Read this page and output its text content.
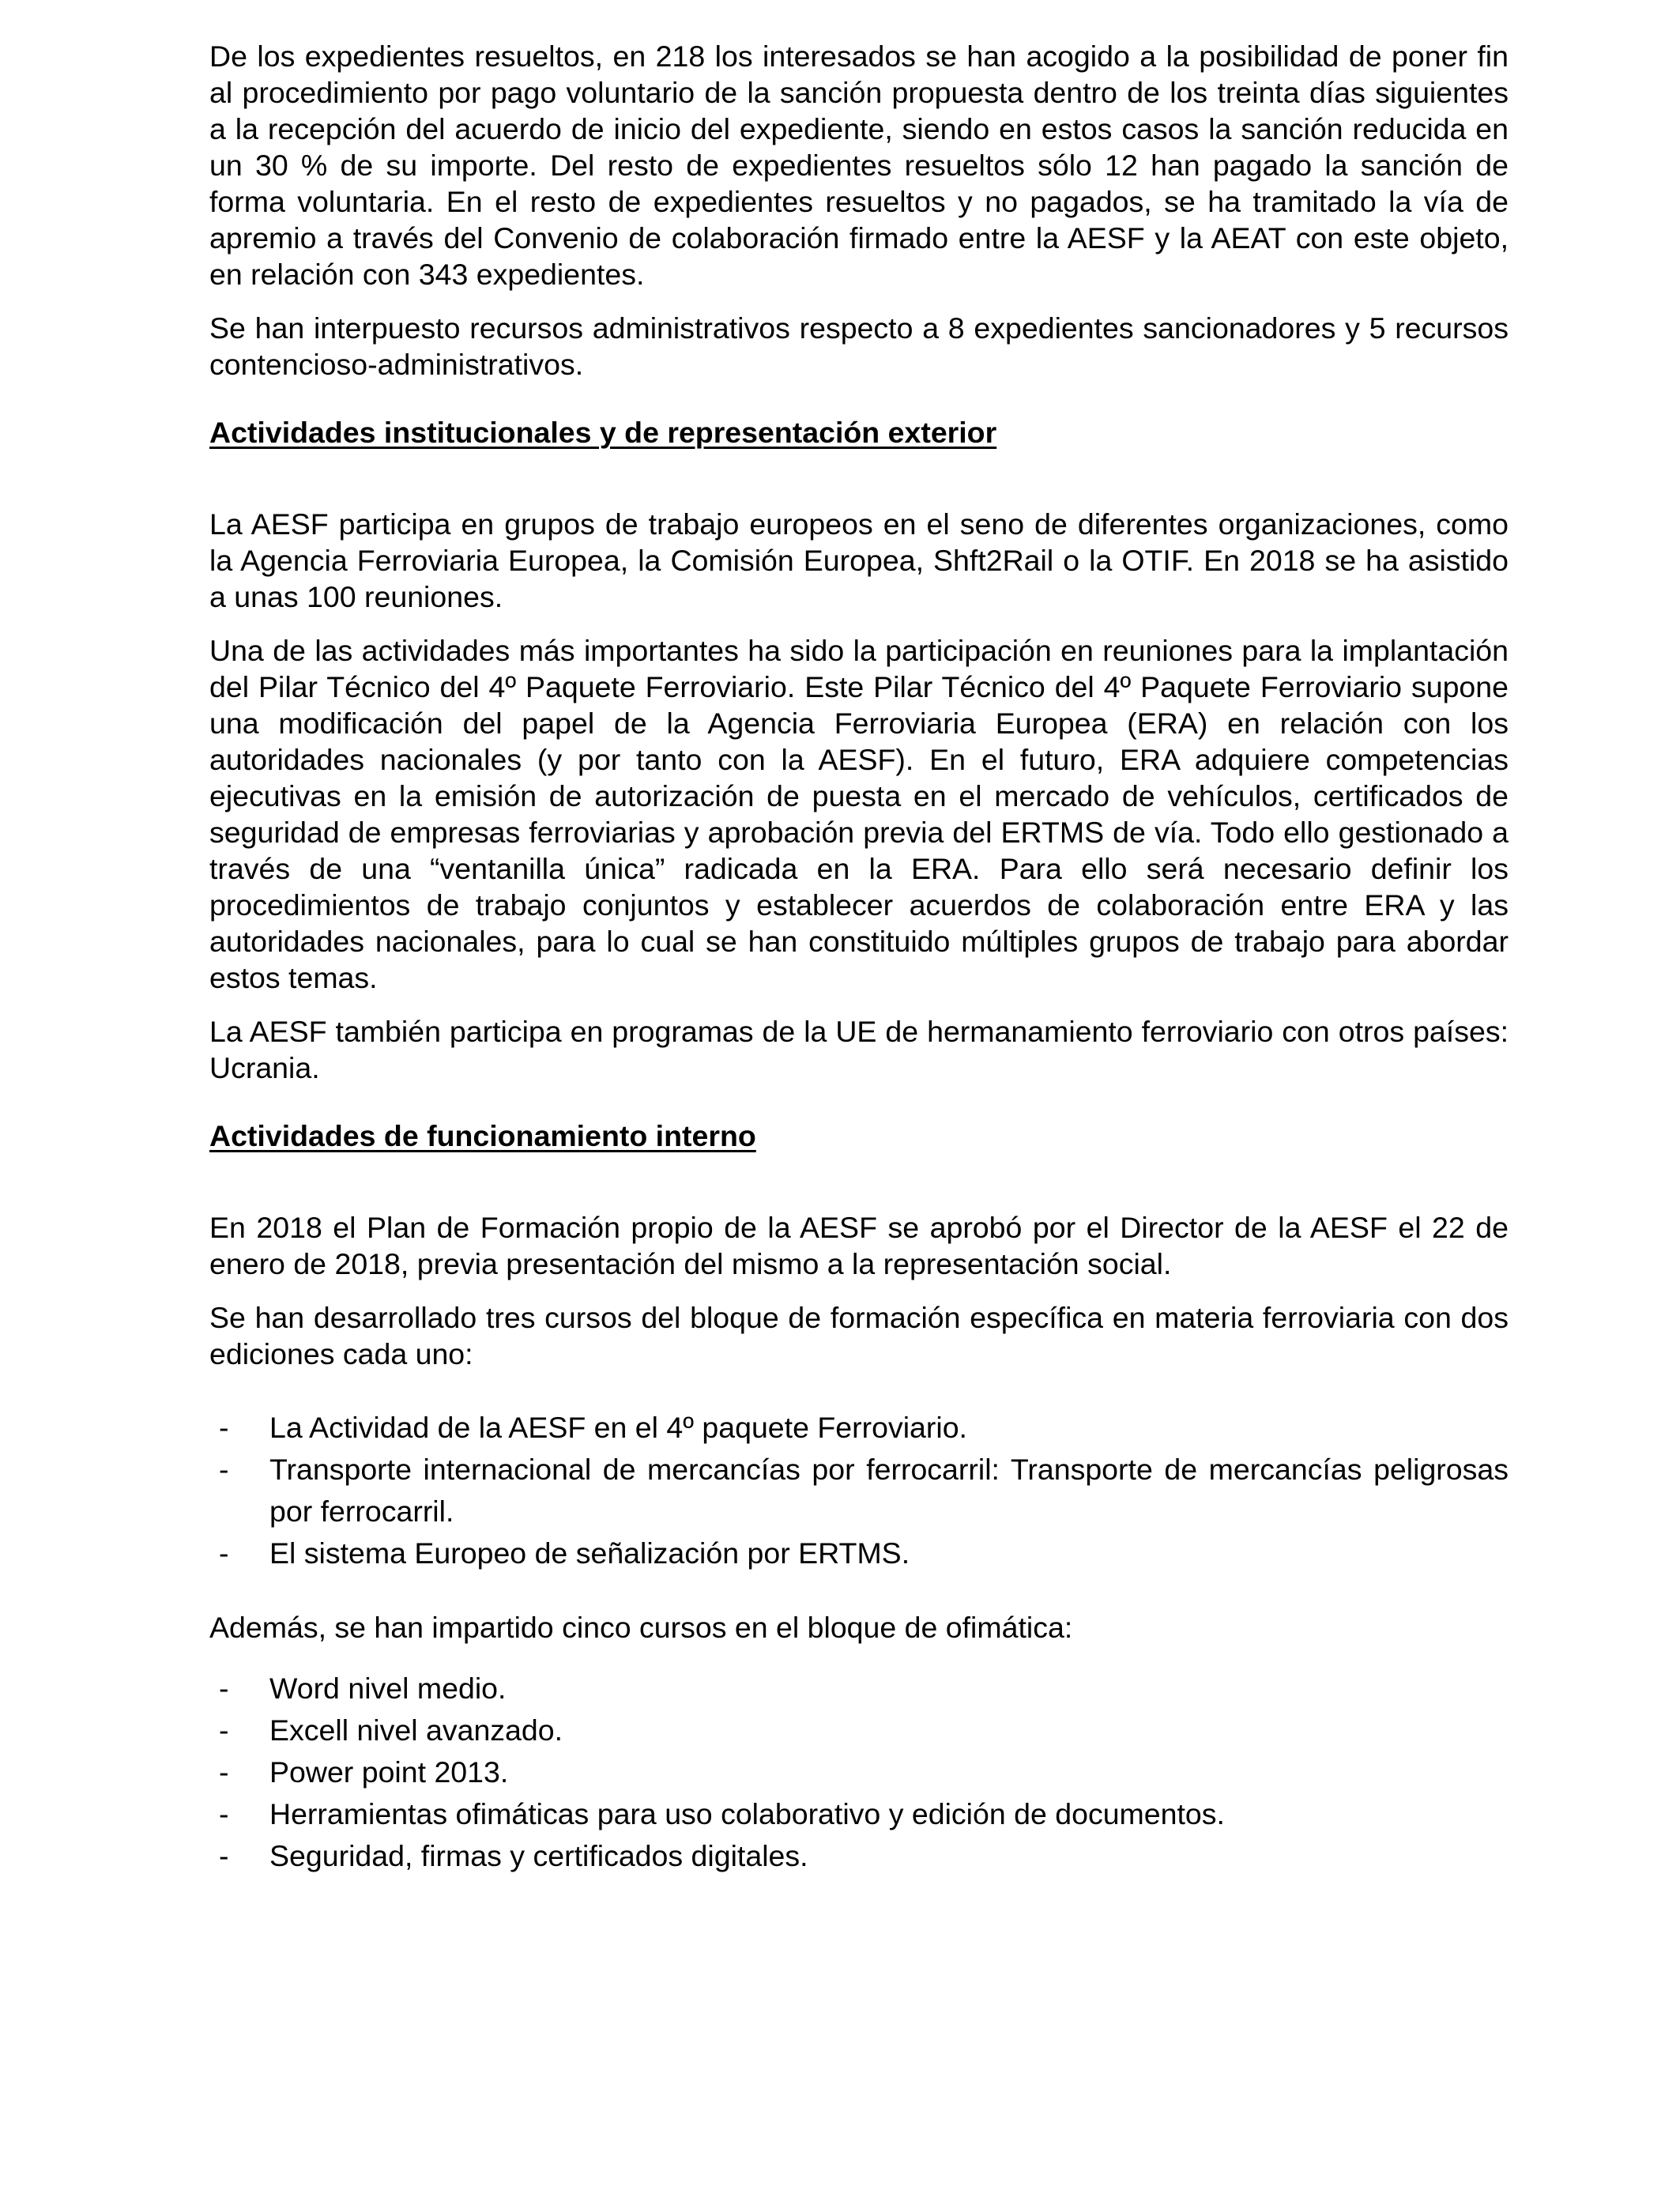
De los expedientes resueltos, en 218 los interesados se han acogido a la posibilidad de poner fin al procedimiento por pago voluntario de la sanción propuesta dentro de los treinta días siguientes a la recepción del acuerdo de inicio del expediente, siendo en estos casos la sanción reducida en un 30 % de su importe. Del resto de expedientes resueltos sólo 12 han pagado la sanción de forma voluntaria. En el resto de expedientes resueltos y no pagados, se ha tramitado la vía de apremio a través del Convenio de colaboración firmado entre la AESF y la AEAT con este objeto, en relación con 343 expedientes.

Se han interpuesto recursos administrativos respecto a 8 expedientes sancionadores y 5 recursos contencioso-administrativos.

Actividades institucionales y de representación exterior

La AESF participa en grupos de trabajo europeos en el seno de diferentes organizaciones, como la Agencia Ferroviaria Europea, la Comisión Europea, Shft2Rail o la OTIF. En 2018 se ha asistido a unas 100 reuniones.

Una de las actividades más importantes ha sido la participación en reuniones para la implantación del Pilar Técnico del 4º Paquete Ferroviario. Este Pilar Técnico del 4º Paquete Ferroviario supone una modificación del papel de la Agencia Ferroviaria Europea (ERA) en relación con los autoridades nacionales (y por tanto con la AESF). En el futuro, ERA adquiere competencias ejecutivas en la emisión de autorización de puesta en el mercado de vehículos, certificados de seguridad de empresas ferroviarias y aprobación previa del ERTMS de vía. Todo ello gestionado a través de una “ventanilla única” radicada en la ERA. Para ello será necesario definir los procedimientos de trabajo conjuntos y establecer acuerdos de colaboración entre ERA y las autoridades nacionales, para lo cual se han constituido múltiples grupos de trabajo para abordar estos temas.

La AESF también participa en programas de la UE de hermanamiento ferroviario con otros países: Ucrania.

Actividades de funcionamiento interno

En 2018 el Plan de Formación propio de la AESF se aprobó por el Director de la AESF el 22 de enero de 2018, previa presentación del mismo a la representación social.

Se han desarrollado tres cursos del bloque de formación específica en materia ferroviaria con dos ediciones cada uno:

- La Actividad de la AESF en el 4º paquete Ferroviario.
- Transporte internacional de mercancías por ferrocarril: Transporte de mercancías peligrosas por ferrocarril.
- El sistema Europeo de señalización por ERTMS.

Además, se han impartido cinco cursos en el bloque de ofimática:

- Word nivel medio.
- Excell nivel avanzado.
- Power point 2013.
- Herramientas ofimáticas para uso colaborativo y edición de documentos.
- Seguridad, firmas y certificados digitales.
